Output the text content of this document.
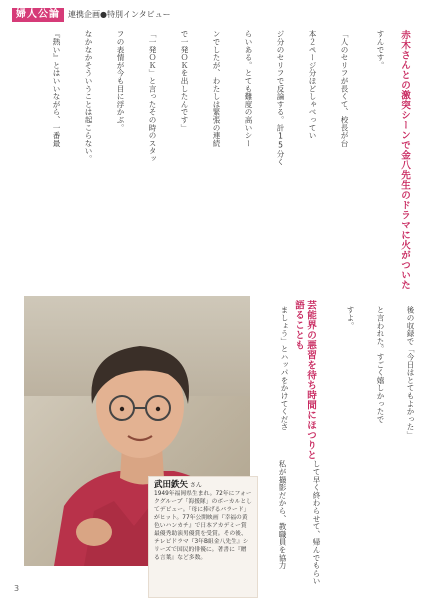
婦人公論	連携企画●特別インタビュー
赤木さんとの激突シーンで金八先生のドラマに火がついた
芸能界の悪習を待ち時間にほつりと語ることも
すんです。
「人のセリフが長くて、校長が台
本２ページ分ほどしゃべってい
ジ分のセリフで反論する。計15分く
らいある。とても難度の高いシー
ンでしたが、わたしは緊張の連続
で一発ＯＫを出したんです」
「一発ＯＫ」と言ったその時のスタッ
フの表情が今も目に浮かぶ。
なかなかそういうことは起こらない。
『熱い』とはいいながら、一番最
後の収録で「今日はとてもよかった」
と言われた。すごく嬉しかったで
すよ。
私が撮影だから、教職員を協力	して早く終わらせて、帰んでもらい
ましょう」とハッパをかけてくださ
武田鉄矢 さん
1949年福岡県生まれ。72年にフォークグループ「海援隊」のボーカルとしてデビュー。「母に捧げるバラード」がヒット。77年公開映画『幸福の黄色いハンカチ』で日本アカデミー賞最優秀助演男優賞を受賞。その後、テレビドラマ『3年B組金八先生』シリーズで国民的俳優に。著書に『贈る言葉』など多数。
3
